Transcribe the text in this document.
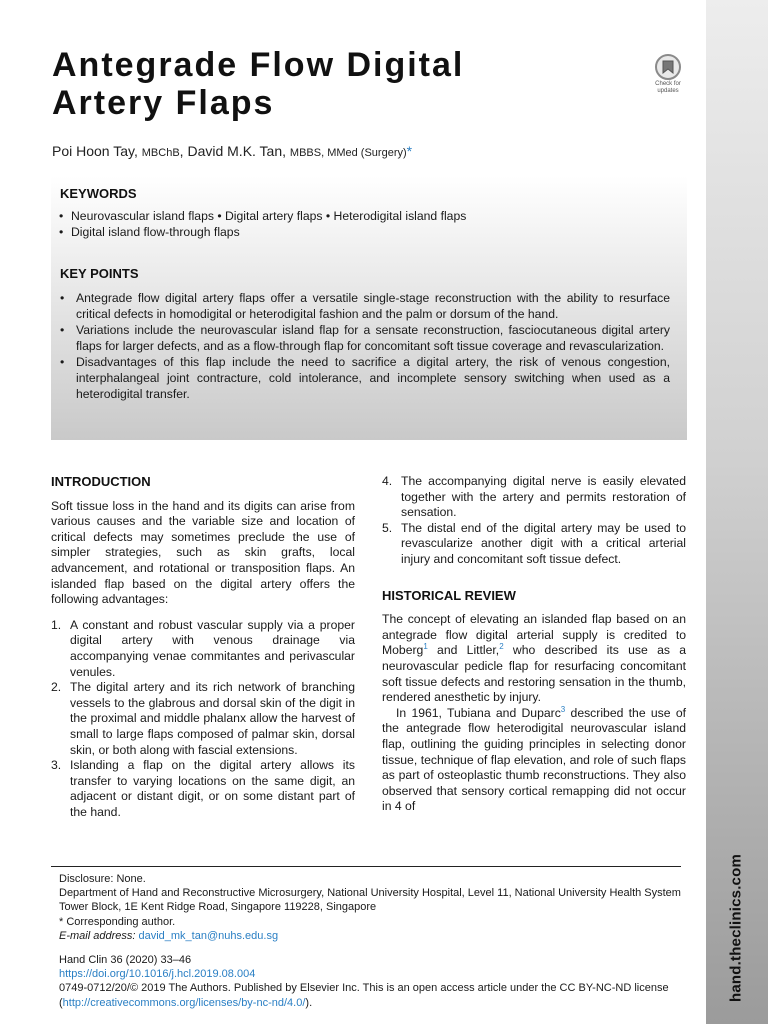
hand.theclinics.com
Antegrade Flow Digital
Artery Flaps	Check for
updates
Poi Hoon Tay, MBChB, David M.K. Tan, MBBS, MMed (Surgery)*
KEYWORDS
• Neurovascular island flaps • Digital artery flaps • Heterodigital island flaps
• Digital island flow-through flaps
KEY POINTS
• Antegrade flow digital artery flaps offer a versatile single-stage reconstruction with the ability to resurface critical defects in homodigital or heterodigital fashion and the palm or dorsum of the hand.
• Variations include the neurovascular island flap for a sensate reconstruction, fasciocutaneous digital artery flaps for larger defects, and as a flow-through flap for concomitant soft tissue coverage and revascularization.
• Disadvantages of this flap include the need to sacrifice a digital artery, the risk of venous congestion, interphalangeal joint contracture, cold intolerance, and incomplete sensory switching when used as a heterodigital transfer.
INTRODUCTION

Soft tissue loss in the hand and its digits can arise from various causes and the variable size and location of critical defects may sometimes preclude the use of simpler strategies, such as skin grafts, local advancement, and rotational or transposition flaps. An islanded flap based on the digital artery offers the following advantages:

1. A constant and robust vascular supply via a proper digital artery with venous drainage via accompanying venae commitantes and perivascular venules.
2. The digital artery and its rich network of branching vessels to the glabrous and dorsal skin of the digit in the proximal and middle phalanx allow the harvest of small to large flaps composed of palmar skin, dorsal skin, or both along with fascial extensions.
3. Islanding a flap on the digital artery allows its transfer to varying locations on the same digit, an adjacent or distant digit, or on some distant part of the hand.
4. The accompanying digital nerve is easily elevated together with the artery and permits restoration of sensation.
5. The distal end of the digital artery may be used to revascularize another digit with a critical arterial injury and concomitant soft tissue defect.
HISTORICAL REVIEW

The concept of elevating an islanded flap based on an antegrade flow digital arterial supply is credited to Moberg$^1$ and Littler,$^2$ who described its use as a neurovascular pedicle flap for resurfacing concomitant soft tissue defects and restoring sensation in the thumb, rendered anesthetic by injury.

In 1961, Tubiana and Duparc$^3$ described the use of the antegrade flow heterodigital neurovascular island flap, outlining the guiding principles in selecting donor tissue, technique of flap elevation, and role of such flaps as part of osteoplastic thumb reconstructions. They also observed that sensory cortical remapping did not occur in 4 of

Disclosure: None.
Department of Hand and Reconstructive Microsurgery, National University Hospital, Level 11, National University Health System Tower Block, 1E Kent Ridge Road, Singapore 119228, Singapore
* Corresponding author.
E-mail address: david_mk_tan@nuhs.edu.sg
Hand Clin 36 (2020) 33–46
https://doi.org/10.1016/j.hcl.2019.08.004
0749-0712/20/© 2019 The Authors. Published by Elsevier Inc. This is an open access article under the CC BY-NC-ND license (http://creativecommons.org/licenses/by-nc-nd/4.0/).
